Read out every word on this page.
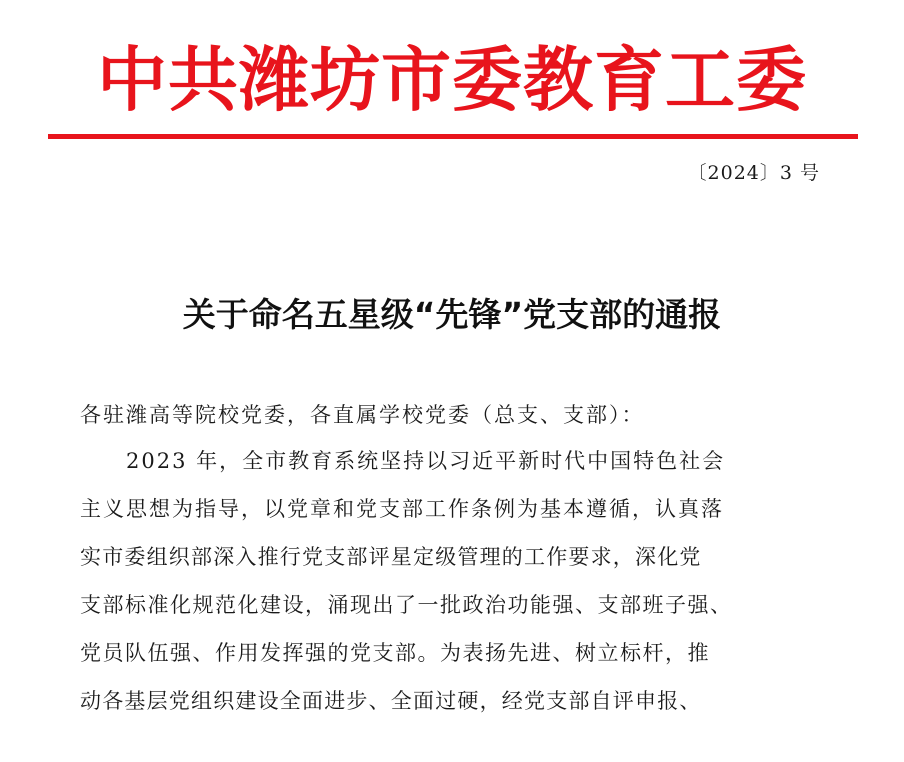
中共潍坊市委教育工委
〔2024〕3 号
关于命名五星级“先锋”党支部的通报
各驻潍高等院校党委，各直属学校党委（总支、支部）：
2023 年，全市教育系统坚持以习近平新时代中国特色社会
主义思想为指导，以党章和党支部工作条例为基本遵循，认真落
实市委组织部深入推行党支部评星定级管理的工作要求，深化党
支部标准化规范化建设，涌现出了一批政治功能强、支部班子强、
党员队伍强、作用发挥强的党支部。为表扬先进、树立标杆，推
动各基层党组织建设全面进步、全面过硬，经党支部自评申报、
